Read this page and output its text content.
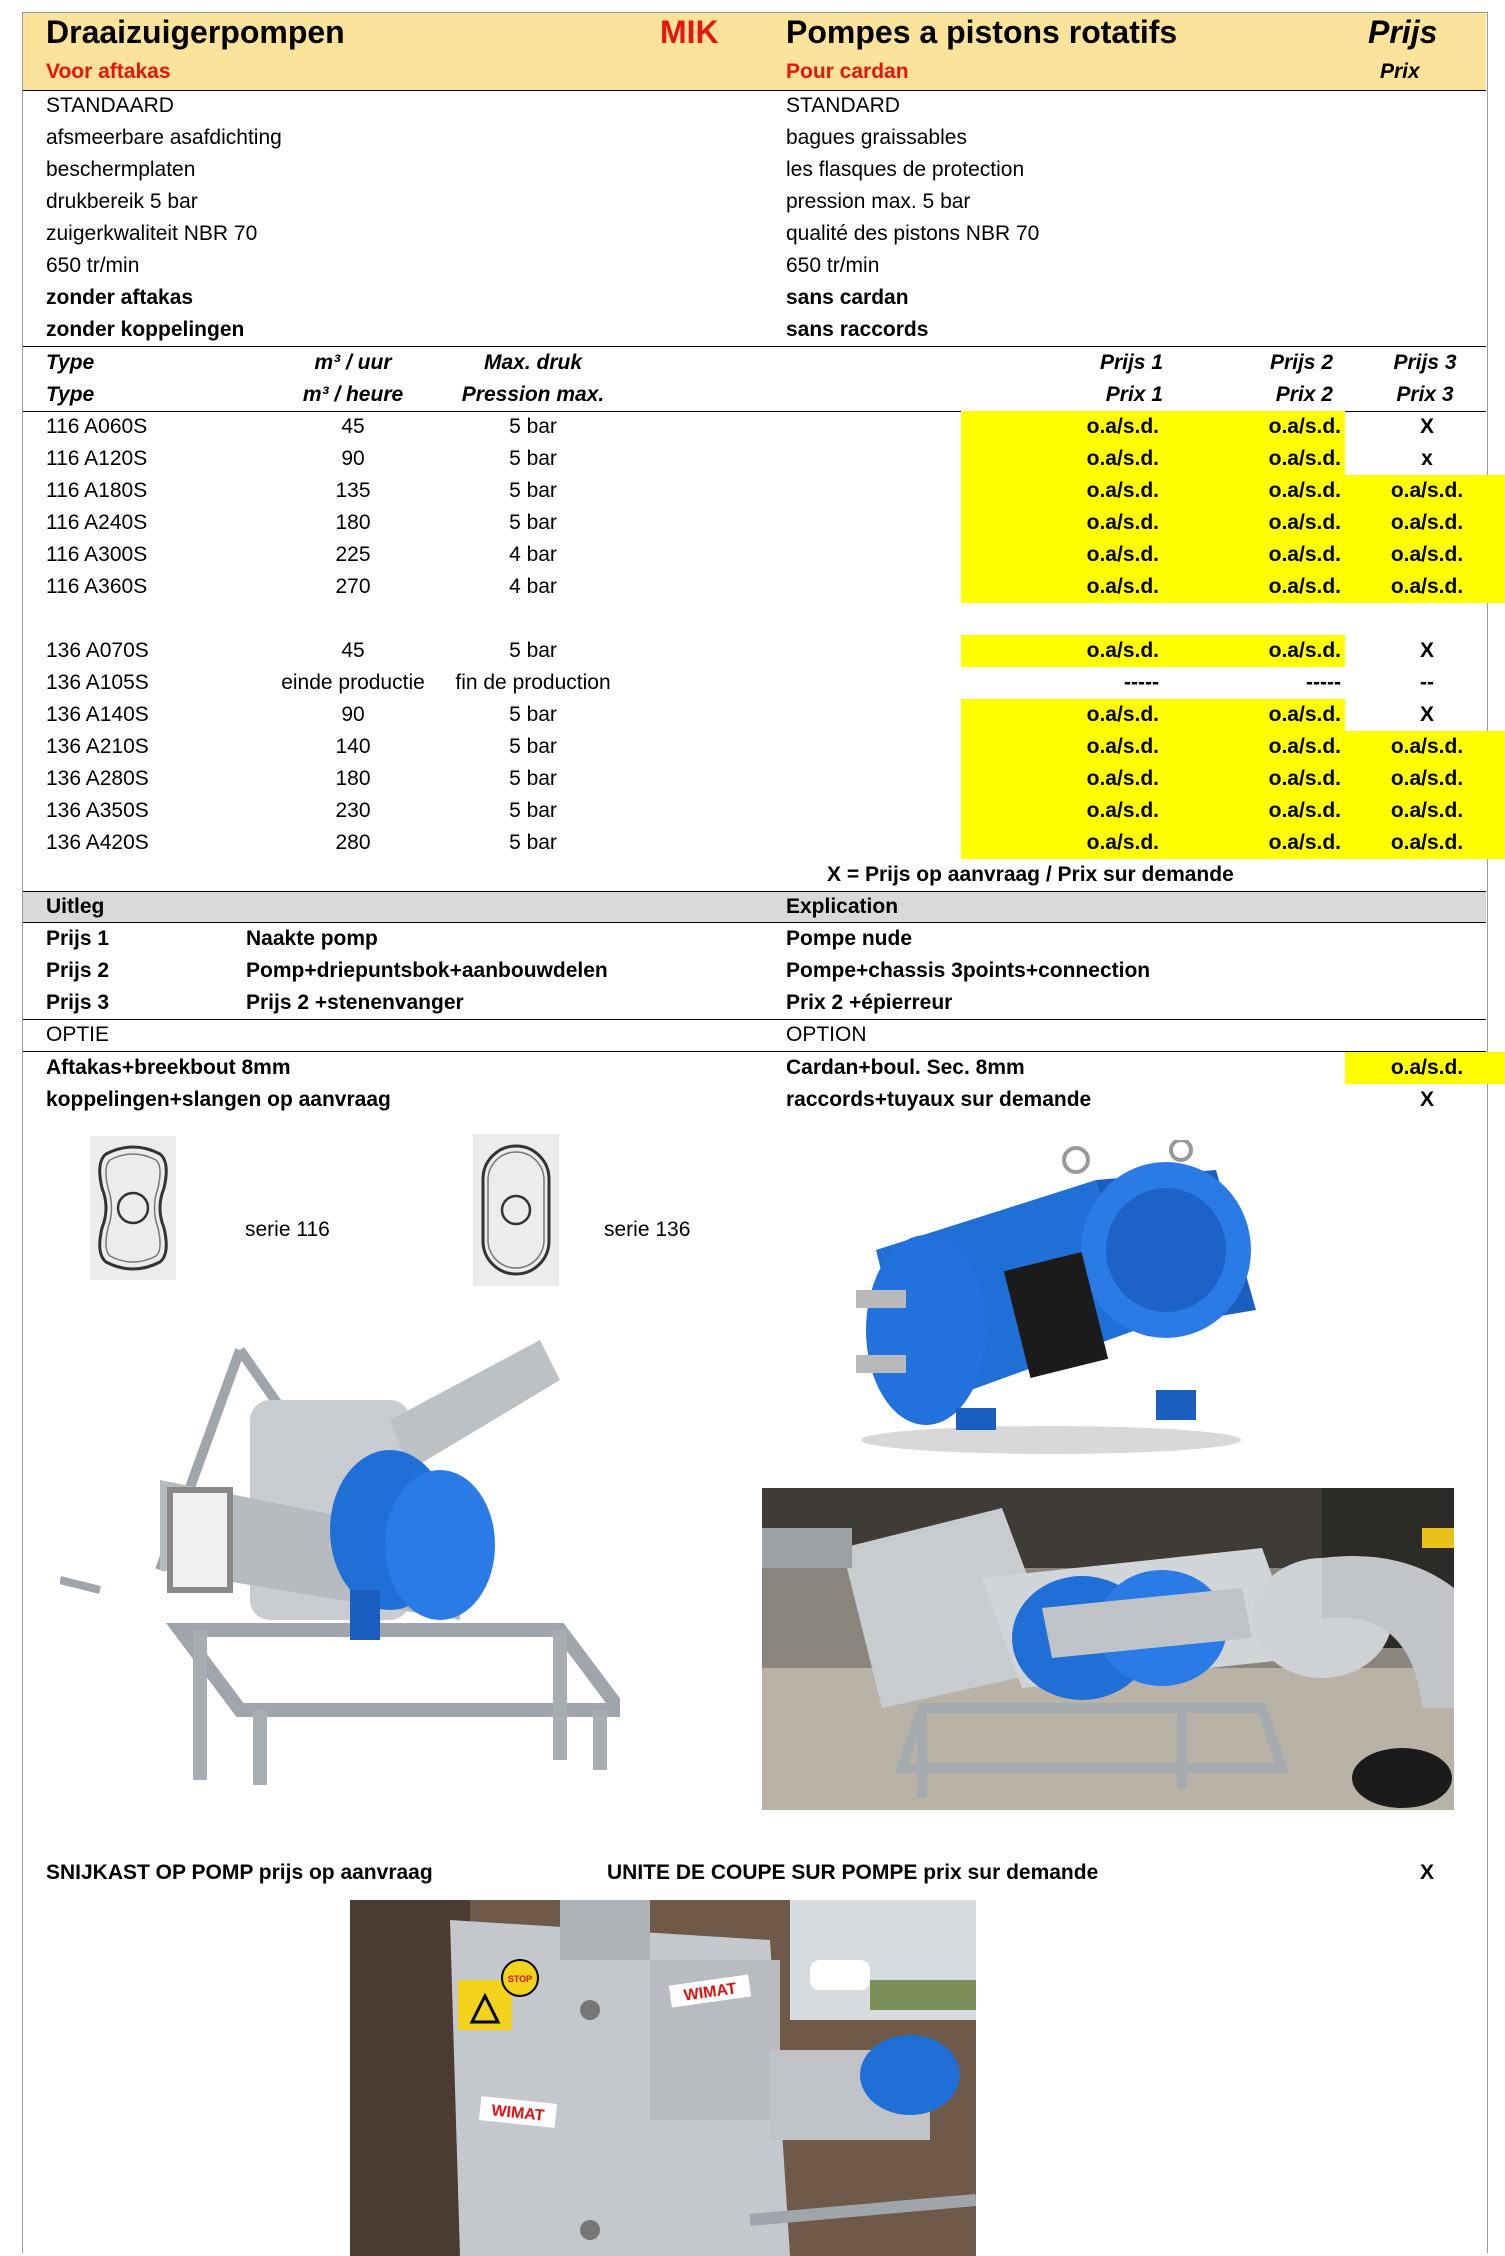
Draaizuigerpompen	MIK Pompes a pistons rotatifs	Prijs
Voor aftakas	Pour cardan	Prix
STANDAARD	STANDARD
afsmeerbare asafdichting	bagues graissables
beschermplaten	les flasques de protection
drukbereik 5 bar	pression max. 5 bar
zuigerkwaliteit NBR 70	qualité des pistons NBR 70
650 tr/min	650 tr/min
zonder aftakas	sans cardan
zonder koppelingen	sans raccords
Type	m³ / uur	Max. druk	Prijs 1	Prijs 2	Prijs 3
Type	m³ / heure	Pression max.	Prix 1	Prix 2	Prix 3
116 A060S	45	5 bar	o.a/s.d.	o.a/s.d.	X
116 A120S	90	5 bar	o.a/s.d.	o.a/s.d.	x
116 A180S	135	5 bar	o.a/s.d.	o.a/s.d.	o.a/s.d.
116 A240S	180	5 bar	o.a/s.d.	o.a/s.d.	o.a/s.d.
116 A300S	225	4 bar	o.a/s.d.	o.a/s.d.	o.a/s.d.
116 A360S	270	4 bar	o.a/s.d.	o.a/s.d.	o.a/s.d.
136 A070S	45	5 bar	o.a/s.d.	o.a/s.d.	X
136 A105S	einde productie	fin de production	-----	-----	--
136 A140S	90	5 bar	o.a/s.d.	o.a/s.d.	X
136 A210S	140	5 bar	o.a/s.d.	o.a/s.d.	o.a/s.d.
136 A280S	180	5 bar	o.a/s.d.	o.a/s.d.	o.a/s.d.
136 A350S	230	5 bar	o.a/s.d.	o.a/s.d.	o.a/s.d.
136 A420S	280	5 bar	o.a/s.d.	o.a/s.d.	o.a/s.d.
X = Prijs op aanvraag / Prix sur demande
Uitleg	Explication
Prijs 1	Naakte pomp	Pompe nude
Prijs 2	Pomp+driepuntsbok+aanbouwdelen	Pompe+chassis 3points+connection
Prijs 3	Prijs 2 +stenenvanger	Prix 2 +épierreur
OPTIE	OPTION
Aftakas+breekbout 8mm	Cardan+boul. Sec. 8mm	o.a/s.d.
koppelingen+slangen op aanvraag	raccords+tuyaux sur demande	X
serie 116	serie 136
SNIJKAST OP POMP prijs op aanvraag	UNITE DE COUPE SUR POMPE prix sur demande	X
STOP
WIMAT
WIMAT
